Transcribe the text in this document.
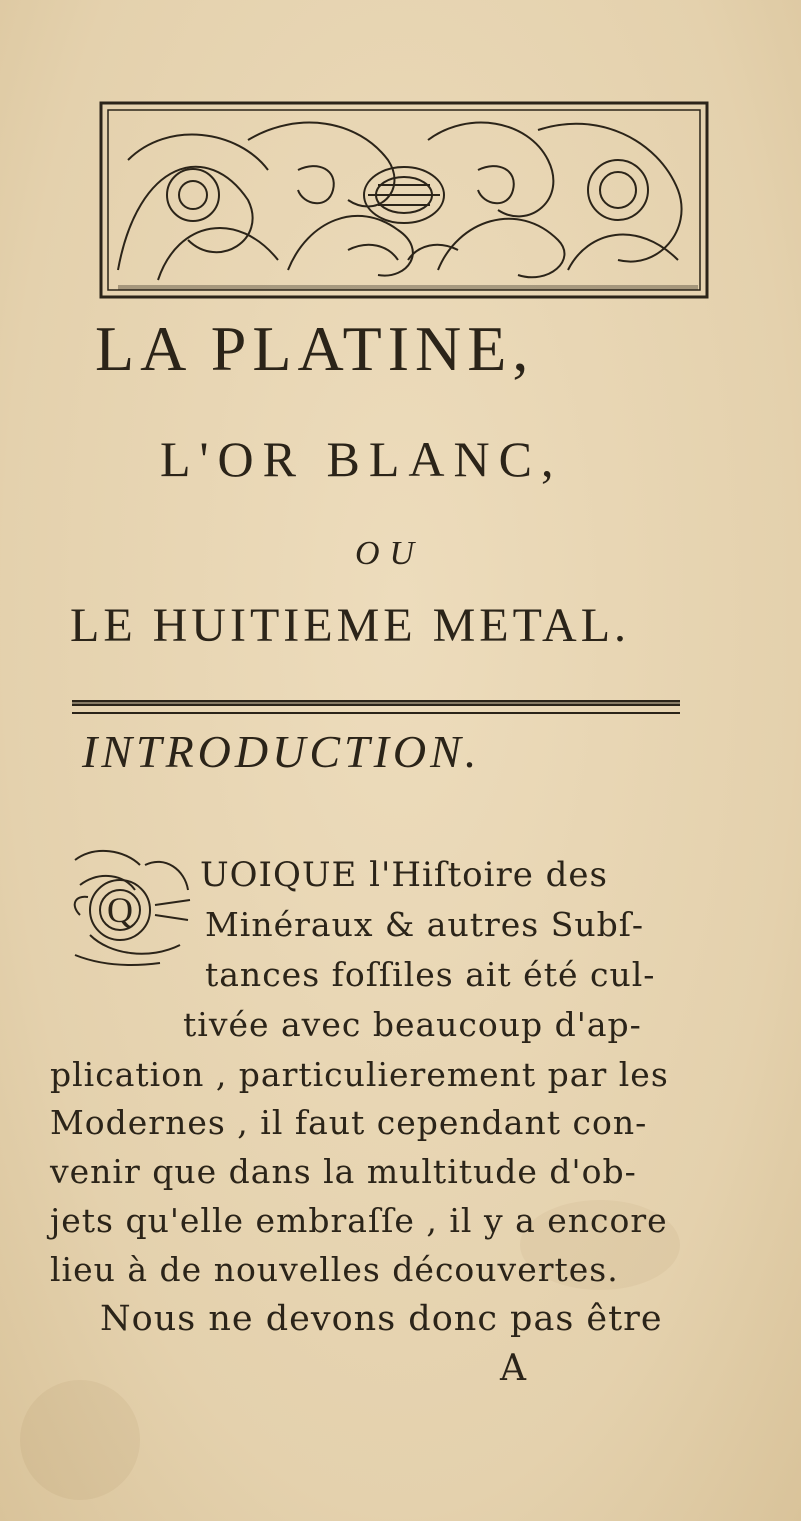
LA PLATINE,
L'OR BLANC,
OU
LE HUITIEME METAL.
INTRODUCTION.
Q
UOIQUE l'Hiſtoire des
Minéraux & autres Subſ-
tances foſſiles ait été cul-
tivée avec beaucoup d'ap-
plication , particulierement par les
Modernes , il faut cependant con-
venir que dans la multitude d'ob-
jets qu'elle embraſſe , il y a encore
lieu à de nouvelles découvertes.
Nous ne devons donc pas être
A
